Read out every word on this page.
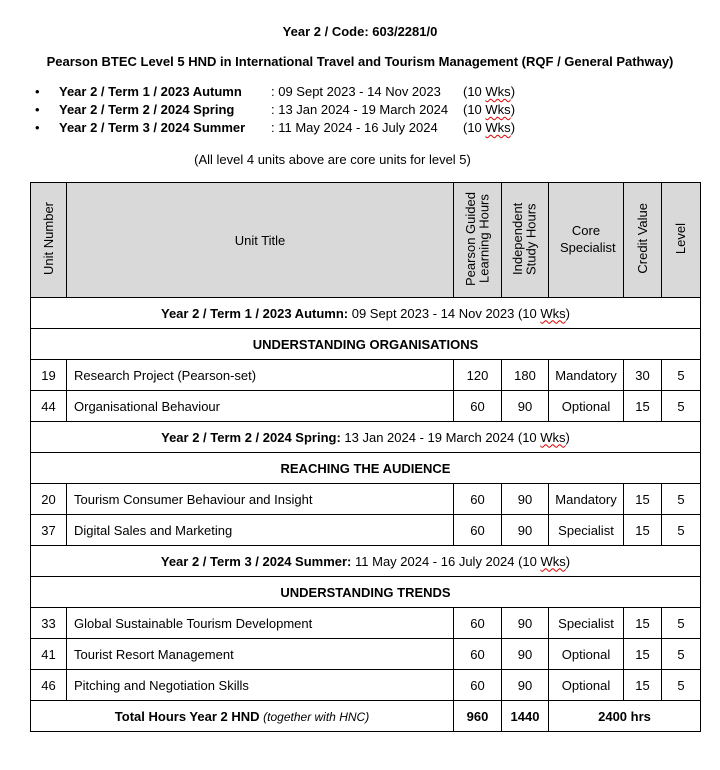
Year 2 / Code: 603/2281/0
Pearson BTEC Level 5 HND in International Travel and Tourism Management (RQF / General Pathway)
• Year 2 / Term 1 / 2023 Autumn : 09 Sept 2023 - 14 Nov 2023 (10 Wks)
• Year 2 / Term 2 / 2024 Spring	: 13 Jan 2024 - 19 March 2024 (10 Wks)
• Year 2 / Term 3 / 2024 Summer : 11 May 2024 - 16 July 2024 (10 Wks)
(All level 4 units above are core units for level 5)
Unit Number	Unit Title	Pearson Guided Learning Hours	Independent Study Hours	Core Specialist	Credit Value	Level
Year 2 / Term 1 / 2023 Autumn: 09 Sept 2023 - 14 Nov 2023 (10 Wks)						
UNDERSTANDING ORGANISATIONS						
19	Research Project (Pearson-set)	120	180	Mandatory	30	5
44	Organisational Behaviour	60	90	Optional	15	5
Year 2 / Term 2 / 2024 Spring: 13 Jan 2024 - 19 March 2024 (10 Wks)						
REACHING THE AUDIENCE						
20	Tourism Consumer Behaviour and Insight	60	90	Mandatory	15	5
37	Digital Sales and Marketing	60	90	Specialist	15	5
Year 2 / Term 3 / 2024 Summer: 11 May 2024 - 16 July 2024 (10 Wks)						
UNDERSTANDING TRENDS						
33	Global Sustainable Tourism Development	60	90	Specialist	15	5
41	Tourist Resort Management	60	90	Optional	15	5
46	Pitching and Negotiation Skills	60	90	Optional	15	5
Total Hours Year 2 HND (together with HNC)		960	1440	2400 hrs		
